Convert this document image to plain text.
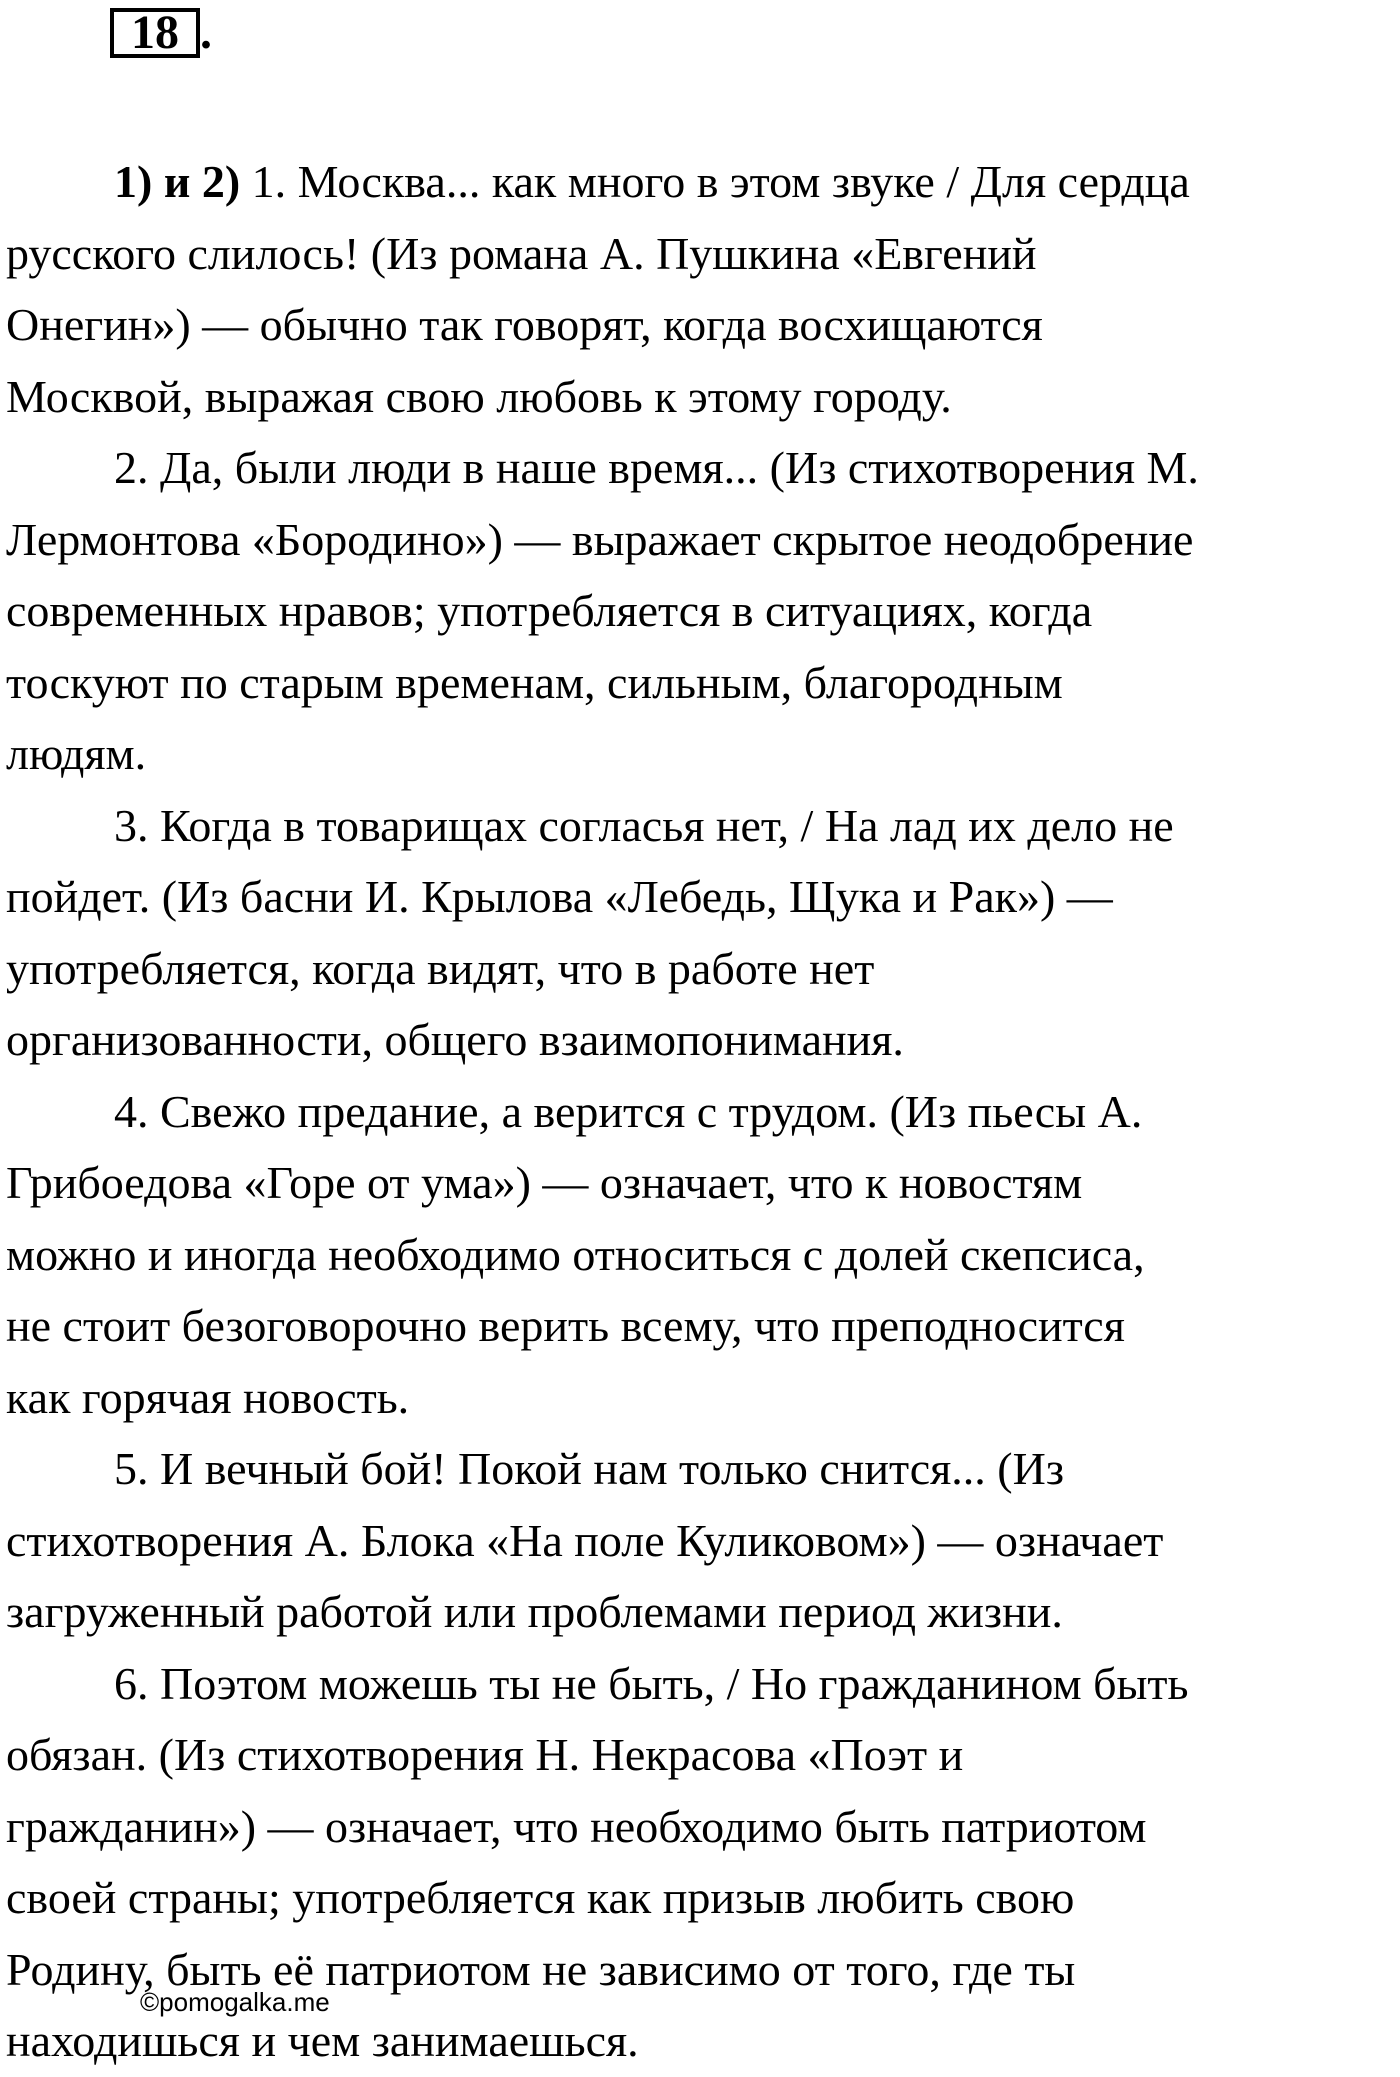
18 .
1) и 2) 1. Москва... как много в этом звуке / Для сердца
русского слилось! (Из романа А. Пушкина «Евгений
Онегин») — обычно так говорят, когда восхищаются
Москвой, выражая свою любовь к этому городу.
2. Да, были люди в наше время... (Из стихотворения М.
Лермонтова «Бородино») — выражает скрытое неодобрение
современных нравов; употребляется в ситуациях, когда
тоскуют по старым временам, сильным, благородным
людям.
3. Когда в товарищах согласья нет, / На лад их дело не
пойдет. (Из басни И. Крылова «Лебедь, Щука и Рак») —
употребляется, когда видят, что в работе нет
организованности, общего взаимопонимания.
4. Свежо предание, а верится с трудом. (Из пьесы А.
Грибоедова «Горе от ума») — означает, что к новостям
можно и иногда необходимо относиться с долей скепсиса,
не стоит безоговорочно верить всему, что преподносится
как горячая новость.
5. И вечный бой! Покой нам только снится... (Из
стихотворения А. Блока «На поле Куликовом») — означает
загруженный работой или проблемами период жизни.
6. Поэтом можешь ты не быть, / Но гражданином быть
обязан. (Из стихотворения Н. Некрасова «Поэт и
гражданин») — означает, что необходимо быть патриотом
своей страны; употребляется как призыв любить свою
Родину, быть её патриотом не зависимо от того, где ты
находишься и чем занимаешься.
©pomogalka.me
